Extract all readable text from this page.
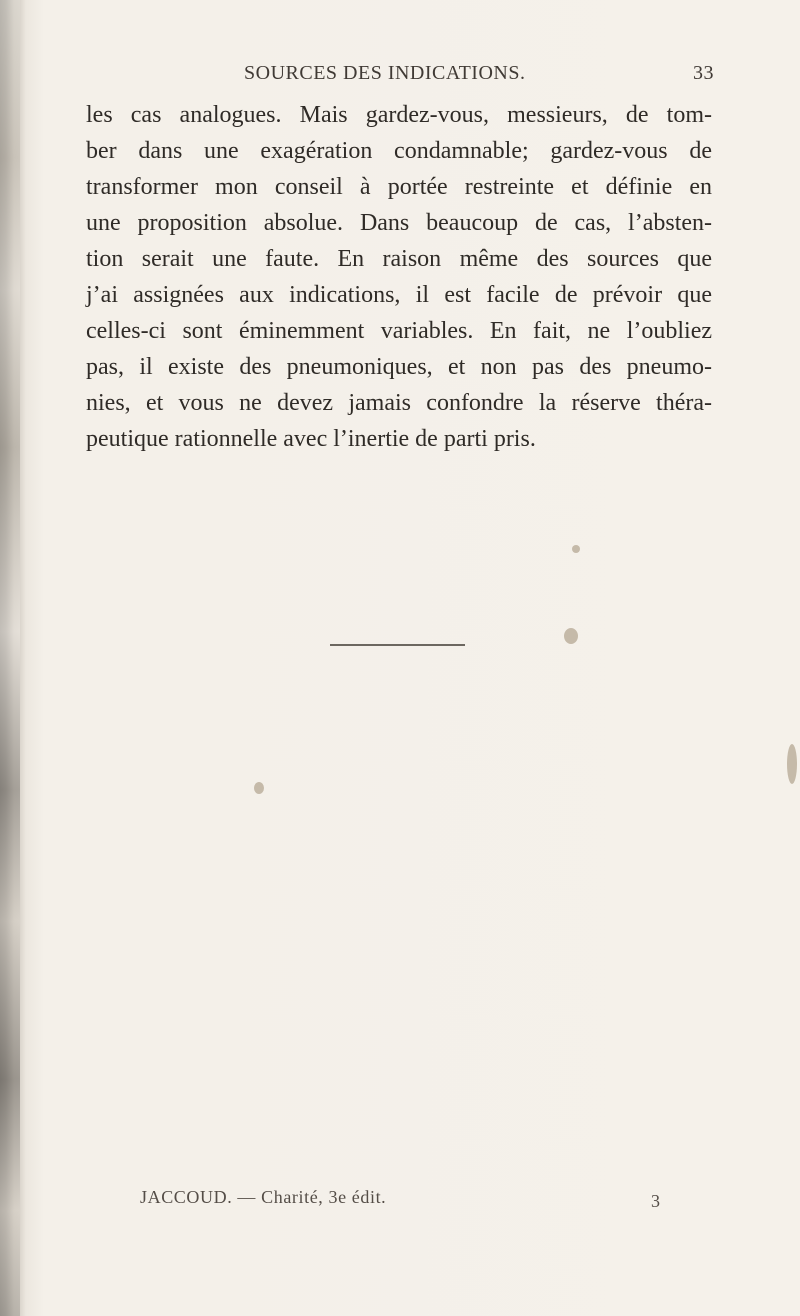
SOURCES DES INDICATIONS.	33
les cas analogues. Mais gardez-vous, messieurs, de tom-
ber dans une exagération condamnable; gardez-vous de
transformer mon conseil à portée restreinte et définie en
une proposition absolue. Dans beaucoup de cas, l’absten-
tion serait une faute. En raison même des sources que
j’ai assignées aux indications, il est facile de prévoir que
celles-ci sont éminemment variables. En fait, ne l’oubliez
pas, il existe des pneumoniques, et non pas des pneumo-
nies, et vous ne devez jamais confondre la réserve théra-
peutique rationnelle avec l’inertie de parti pris.
JACCOUD. — Charité, 3e édit.	3
